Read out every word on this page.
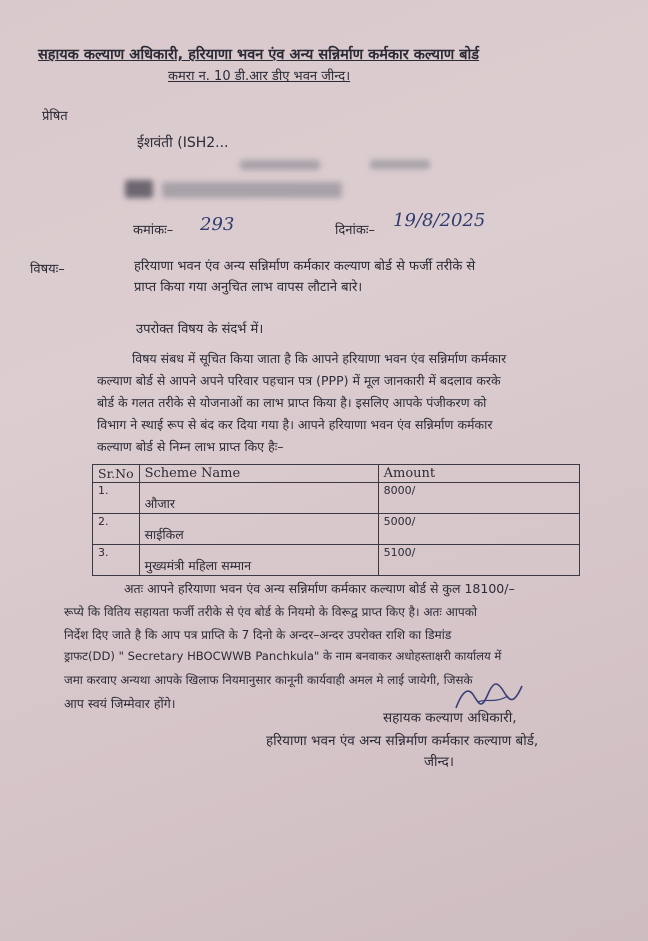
सहायक कल्याण अधिकारी, हरियाणा भवन एंव अन्य सन्निर्माण कर्मकार कल्याण बोर्ड
कमरा न. 10 डी.आर डीए भवन जीन्द।
प्रेषित
ईशवंती (ISH2...
कमांकः– 293	दिनांकः– 19/8/2025
विषयः–	हरियाणा भवन एंव अन्य सन्निर्माण कर्मकार कल्याण बोर्ड से फर्जी तरीके से
प्राप्त किया गया अनुचित लाभ वापस लौटाने बारे।
उपरोक्त विषय के संदर्भ में।
विषय संबध में सूचित किया जाता है कि आपने हरियाणा भवन एंव सन्निर्माण कर्मकार
कल्याण बोर्ड से आपने अपने परिवार पहचान पत्र (PPP) में मूल जानकारी में बदलाव करके
बोर्ड के गलत तरीके से योजनाओं का लाभ प्राप्त किया है। इसलिए आपके पंजीकरण को
विभाग ने स्थाई रूप से बंद कर दिया गया है। आपने हरियाणा भवन एंव सन्निर्माण कर्मकार
कल्याण बोर्ड से निम्न लाभ प्राप्त किए हैः–
Sr.No	Scheme Name	Amount
1.	औजार	8000/
2.	साईकिल	5000/
3.	मुख्यमंत्री महिला सम्मान	5100/
अतः आपने हरियाणा भवन एंव अन्य सन्निर्माण कर्मकार कल्याण बोर्ड से कुल 18100/–
रूप्ये कि वितिय सहायता फर्जी तरीके से एंव बोर्ड के नियमो के विरूद्व प्राप्त किए है। अतः आपको
निर्देश दिए जाते है कि आप पत्र प्राप्ति के 7 दिनो के अन्दर–अन्दर उपरोक्त राशि का डिमांड
ड्राफट(DD) " Secretary HBOCWWB Panchkula" के नाम बनवाकर अधोहस्ताक्षरी कार्यालय में
जमा करवाए अन्यथा आपके खिलाफ नियमानुसार कानूनी कार्यवाही अमल मे लाई जायेगी, जिसके
आप स्वयं जिम्मेवार होंगे।
सहायक कल्याण अधिकारी,
हरियाणा भवन एंव अन्य सन्निर्माण कर्मकार कल्याण बोर्ड,
जीन्द।
